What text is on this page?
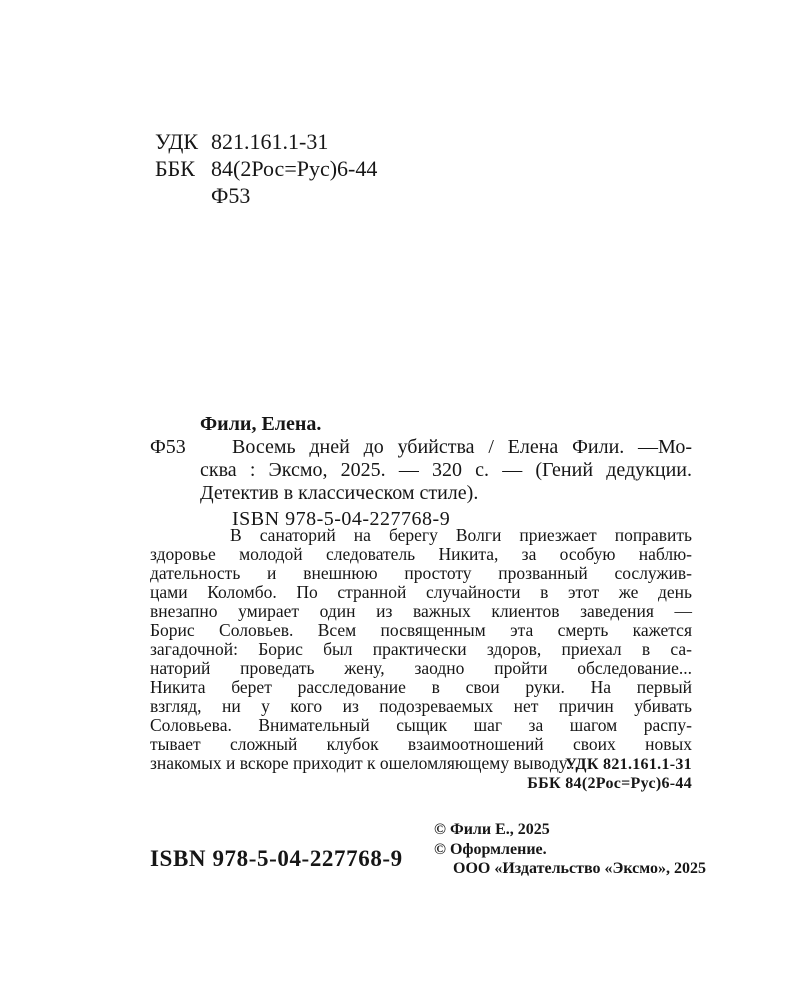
УДК 821.161.1-31
ББК 84(2Рос=Рус)6-44
Ф53
Фили, Елена.
Ф53	Восемь дней до убийства / Елена Фили. —Мо-
сква : Эксмо, 2025. — 320 с. — (Гений дедукции.
Детектив в классическом стиле).
ISBN 978-5-04-227768-9
В санаторий на берегу Волги приезжает поправить
здоровье молодой следователь Никита, за особую наблю-
дательность и внешнюю простоту прозванный сослужив-
цами Коломбо. По странной случайности в этот же день
внезапно умирает один из важных клиентов заведения —
Борис Соловьев. Всем посвященным эта смерть кажется
загадочной: Борис был практически здоров, приехал в са-
наторий проведать жену, заодно пройти обследование...
Никита берет расследование в свои руки. На первый
взгляд, ни у кого из подозреваемых нет причин убивать
Соловьева. Внимательный сыщик шаг за шагом распу-
тывает сложный клубок взаимоотношений своих новых
знакомых и вскоре приходит к ошеломляющему выводу...
УДК 821.161.1-31
ББК 84(2Рос=Рус)6-44
ISBN 978-5-04-227768-9
© Фили Е., 2025
© Оформление.
ООО «Издательство «Эксмо», 2025
